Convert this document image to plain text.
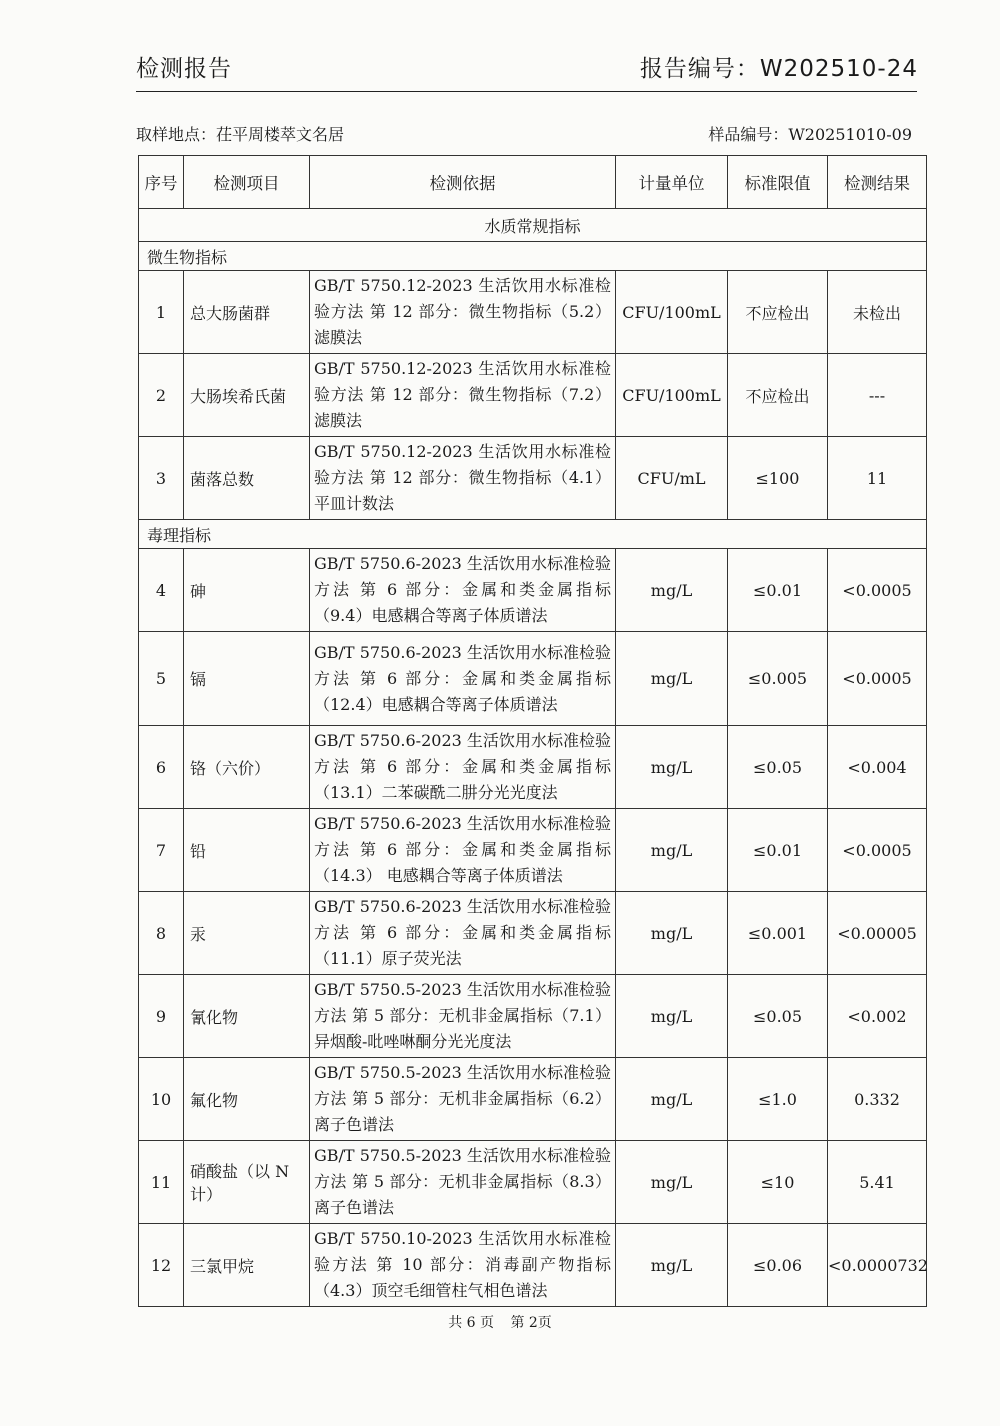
检测报告	报告编号：W202510-24
取样地点：茌平周楼萃文名居	样品编号：W20251010-09
序号	检测项目	检测依据	计量单位	标准限值	检测结果
水质常规指标					
微生物指标					
1	总大肠菌群	GB/T 5750.12-2023 生活饮用水标准检验方法 第 12 部分：微生物指标（5.2）滤膜法	CFU/100mL	不应检出	未检出
2	大肠埃希氏菌	GB/T 5750.12-2023 生活饮用水标准检验方法 第 12 部分：微生物指标（7.2）滤膜法	CFU/100mL	不应检出	---
3	菌落总数	GB/T 5750.12-2023 生活饮用水标准检验方法 第 12 部分：微生物指标（4.1）平皿计数法	CFU/mL	≤100	11
毒理指标					
4	砷	GB/T 5750.6-2023 生活饮用水标准检验方法 第 6 部分：金属和类金属指标（9.4）电感耦合等离子体质谱法	mg/L	≤0.01	<0.0005
5	镉	GB/T 5750.6-2023 生活饮用水标准检验方法 第 6 部分：金属和类金属指标（12.4）电感耦合等离子体质谱法	mg/L	≤0.005	<0.0005
6	铬（六价）	GB/T 5750.6-2023 生活饮用水标准检验方法 第 6 部分：金属和类金属指标（13.1）二苯碳酰二肼分光光度法	mg/L	≤0.05	<0.004
7	铅	GB/T 5750.6-2023 生活饮用水标准检验方法 第 6 部分：金属和类金属指标（14.3） 电感耦合等离子体质谱法	mg/L	≤0.01	<0.0005
8	汞	GB/T 5750.6-2023 生活饮用水标准检验方法 第 6 部分：金属和类金属指标（11.1）原子荧光法	mg/L	≤0.001	<0.00005
9	氰化物	GB/T 5750.5-2023 生活饮用水标准检验方法 第 5 部分：无机非金属指标（7.1）异烟酸-吡唑啉酮分光光度法	mg/L	≤0.05	<0.002
10	氟化物	GB/T 5750.5-2023 生活饮用水标准检验方法 第 5 部分：无机非金属指标（6.2）离子色谱法	mg/L	≤1.0	0.332
11	硝酸盐（以 N 计）	GB/T 5750.5-2023 生活饮用水标准检验方法 第 5 部分：无机非金属指标（8.3）离子色谱法	mg/L	≤10	5.41
12	三氯甲烷	GB/T 5750.10-2023 生活饮用水标准检验方法 第 10 部分：消毒副产物指标（4.3）顶空毛细管柱气相色谱法	mg/L	≤0.06	<0.0000732
共 6 页 第 2页
